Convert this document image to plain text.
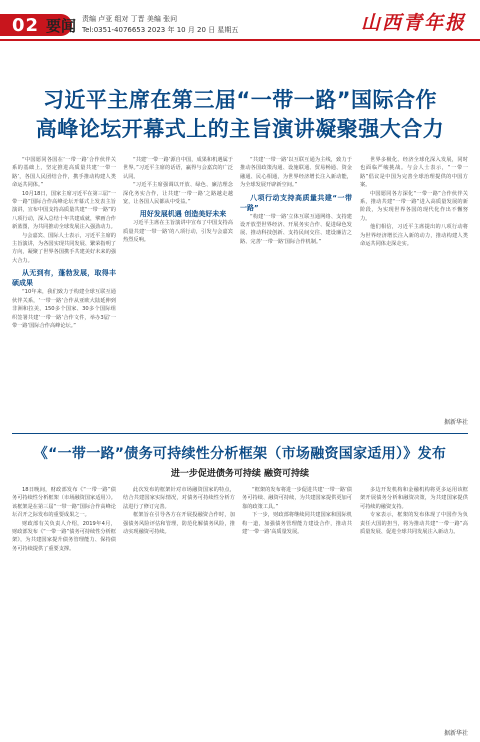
02 要闻 责编 卢亚 组对 丁晋 美编 张问
Tel:0351-4076653 2023 年 10 月 20 日 星期五	山西青年报
习近平主席在第三届“一带一路”国际合作
高峰论坛开幕式上的主旨演讲凝聚强大合力

“中国愿同各国在‘一带一路’合作伙伴关系的基础上，坚定推进高质量共建‘一带一路’，各国人民团结合作，携手推动构建人类命运共同体。”

10月18日，国家主席习近平在第三届“一带一路”国际合作高峰论坛开幕式上发表主旨演讲，宣布中国支持高质量共建“一带一路”的八项行动，深入总结十年共建成就，擘画合作新蓝图，为共同推动全球发展注入强劲动力。

与会嘉宾、国际人士表示，习近平主席的主旨演讲，为各国实现共同发展、繁荣指明了方向，凝聚了世界各国携手共建美好未来的强大合力。

从无到有，蓬勃发展，取得丰硕成果

“10年来，我们致力于构建全球互联互通伙伴关系，‘一带一路’合作从亚欧大陆延伸到非洲和拉美，150多个国家、30多个国际组织签署共建‘一带一路’合作文件，举办3届‘一带一路’国际合作高峰论坛。”

“共建‘一带一路’源自中国，成果和机遇属于世界。”习近平主席的话语，赢得与会嘉宾的广泛认同。

“习近平主席强调以开放、绿色、廉洁理念深化务实合作，让共建‘一带一路’之路越走越宽，让各国人民都从中受益。”

用好发展机遇 创造美好未来

习近平主席在主旨演讲中宣布了中国支持高质量共建‘一带一路’的八项行动，引发与会嘉宾热烈反响。

“共建‘一带一路’以互联互通为主线，致力于推动各国政策沟通、设施联通、贸易畅通、资金融通、民心相通，为世界经济增长注入新动能，为全球发展开辟新空间。”

八项行动支持高质量共建“一带一路”

“构建‘一带一路’立体互联互通网络、支持建设开放型世界经济、开展务实合作、促进绿色发展、推动科技创新、支持民间交往、建设廉洁之路、完善‘一带一路’国际合作机制。”

世界多极化、经济全球化深入发展，同时也面临严峻挑战。与会人士表示，“一带一路”倡议是中国为完善全球治理提供的中国方案。

中国愿同各方深化“一带一路”合作伙伴关系，推动共建“一带一路”进入高质量发展的新阶段，为实现世界各国的现代化作出不懈努力。

他们相信，习近平主席提出的八项行动将为世界经济增长注入新的动力，推动构建人类命运共同体走深走实。

据新华社
《“一带一路”债务可持续性分析框架（市场融资国家适用）》发布
进一步促进债务可持续 融资可持续

18日晚间，财政部发布《“一带一路”债务可持续性分析框架（市场融资国家适用）》。该框架是在第三届“一带一路”国际合作高峰论坛召开之际发布的重要成果之一。

财政部有关负责人介绍，2019年4月，财政部发布《“一带一路”债务可持续性分析框架》，为共建国家提升债务管理能力、保持债务可持续提供了重要支撑。

此次发布的框架针对市场融资国家的特点，结合共建国家实际情况，对债务可持续性分析方法进行了修订完善。

框架旨在引导各方在开展投融资合作时，加强债务风险评估和管理，防范化解债务风险，推动实现融资可持续。

“框架的发布将进一步促进共建‘一带一路’债务可持续、融资可持续，为共建国家提供更加可靠的政策工具。”

下一步，财政部将继续同共建国家和国际机构一道，加强债务管理能力建设合作，推动共建‘一带一路’高质量发展。

多边开发机构和金融机构将更多运用该框架开展债务分析和融资决策，为共建国家提供可持续的融资支持。

专家表示，框架的发布体现了中国作为负责任大国的担当，将为推动共建“一带一路”高质量发展、促进全球共同发展注入新动力。

据新华社
